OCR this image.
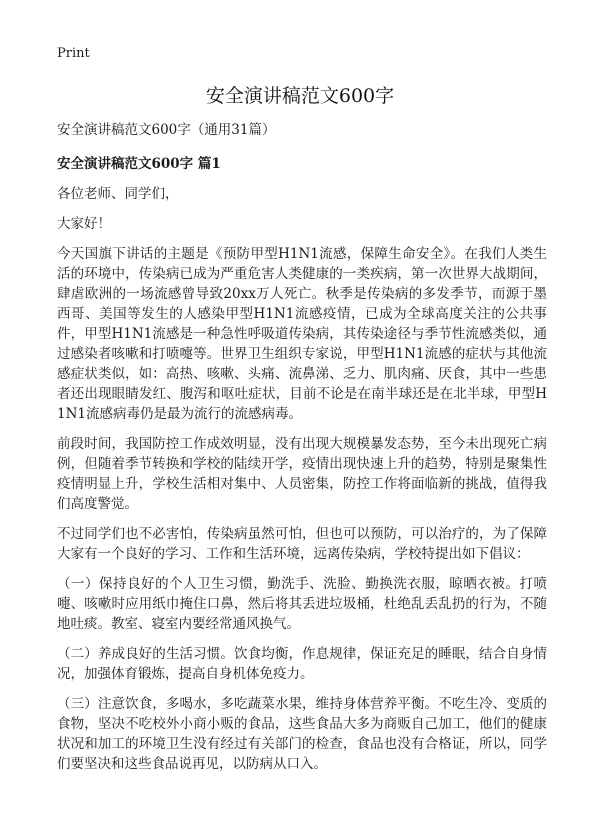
Print
安全演讲稿范文600字

安全演讲稿范文600字（通用31篇）

安全演讲稿范文600字 篇1

各位老师、同学们，

大家好！

今天国旗下讲话的主题是《预防甲型H1N1流感，保障生命安全》。在我们人类生活的环境中，传染病已成为严重危害人类健康的一类疾病，第一次世界大战期间，肆虐欧洲的一场流感曾导致20xx万人死亡。秋季是传染病的多发季节，而源于墨西哥、美国等发生的人感染甲型H1N1流感疫情，已成为全球高度关注的公共事件，甲型H1N1流感是一种急性呼吸道传染病，其传染途径与季节性流感类似，通过感染者咳嗽和打喷嚏等。世界卫生组织专家说，甲型H1N1流感的症状与其他流感症状类似，如：高热、咳嗽、头痛、流鼻涕、乏力、肌肉痛、厌食，其中一些患者还出现眼睛发红、腹泻和呕吐症状，目前不论是在南半球还是在北半球，甲型H1N1流感病毒仍是最为流行的流感病毒。

前段时间，我国防控工作成效明显，没有出现大规模暴发态势，至今未出现死亡病例，但随着季节转换和学校的陆续开学，疫情出现快速上升的趋势，特别是聚集性疫情明显上升，学校生活相对集中、人员密集，防控工作将面临新的挑战，值得我们高度警觉。

不过同学们也不必害怕，传染病虽然可怕，但也可以预防，可以治疗的，为了保障大家有一个良好的学习、工作和生活环境，远离传染病，学校特提出如下倡议：

（一）保持良好的个人卫生习惯，勤洗手、洗脸、勤换洗衣服，晾晒衣被。打喷嚏、咳嗽时应用纸巾掩住口鼻，然后将其丢进垃圾桶，杜绝乱丢乱扔的行为，不随地吐痰。教室、寝室内要经常通风换气。

（二）养成良好的生活习惯。饮食均衡，作息规律，保证充足的睡眠，结合自身情况，加强体育锻炼，提高自身机体免疫力。

（三）注意饮食，多喝水，多吃蔬菜水果，维持身体营养平衡。不吃生冷、变质的食物，坚决不吃校外小商小贩的食品，这些食品大多为商贩自己加工，他们的健康状况和加工的环境卫生没有经过有关部门的检查，食品也没有合格证，所以，同学们要坚决和这些食品说再见，以防病从口入。
